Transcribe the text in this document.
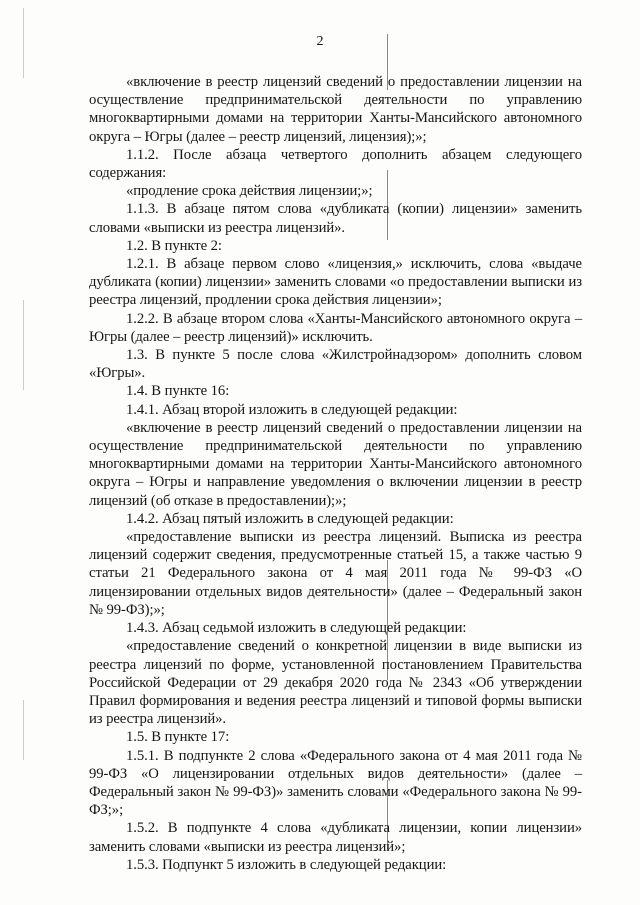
2

«включение в реестр лицензий сведений о предоставлении лицензии на осуществление предпринимательской деятельности по управлению многоквартирными домами на территории Ханты-Мансийского автономного округа – Югры (далее – реестр лицензий, лицензия);»;

1.1.2. После абзаца четвертого дополнить абзацем следующего содержания:

«продление срока действия лицензии;»;

1.1.3. В абзаце пятом слова «дубликата (копии) лицензии» заменить словами «выписки из реестра лицензий».

1.2. В пункте 2:

1.2.1. В абзаце первом слово «лицензия,» исключить, слова «выдаче дубликата (копии) лицензии» заменить словами «о предоставлении выписки из реестра лицензий, продлении срока действия лицензии»;

1.2.2. В абзаце втором слова «Ханты-Мансийского автономного округа – Югры (далее – реестр лицензий)» исключить.

1.3. В пункте 5 после слова «Жилстройнадзором» дополнить словом «Югры».

1.4. В пункте 16:

1.4.1. Абзац второй изложить в следующей редакции:

«включение в реестр лицензий сведений о предоставлении лицензии на осуществление предпринимательской деятельности по управлению многоквартирными домами на территории Ханты-Мансийского автономного округа – Югры и направление уведомления о включении лицензии в реестр лицензий (об отказе в предоставлении);»;

1.4.2. Абзац пятый изложить в следующей редакции:

«предоставление выписки из реестра лицензий. Выписка из реестра лицензий содержит сведения, предусмотренные статьей 15, а также частью 9 статьи 21 Федерального закона от 4 мая 2011 года № 99-ФЗ «О лицензировании отдельных видов деятельности» (далее – Федеральный закон № 99-ФЗ);»;

1.4.3. Абзац седьмой изложить в следующей редакции:

«предоставление сведений о конкретной лицензии в виде выписки из реестра лицензий по форме, установленной постановлением Правительства Российской Федерации от 29 декабря 2020 года № 2343 «Об утверждении Правил формирования и ведения реестра лицензий и типовой формы выписки из реестра лицензий».

1.5. В пункте 17:

1.5.1. В подпункте 2 слова «Федерального закона от 4 мая 2011 года № 99-ФЗ «О лицензировании отдельных видов деятельности» (далее – Федеральный закон № 99-ФЗ)» заменить словами «Федерального закона № 99-ФЗ;»;

1.5.2. В подпункте 4 слова «дубликата лицензии, копии лицензии» заменить словами «выписки из реестра лицензий»;

1.5.3. Подпункт 5 изложить в следующей редакции:
